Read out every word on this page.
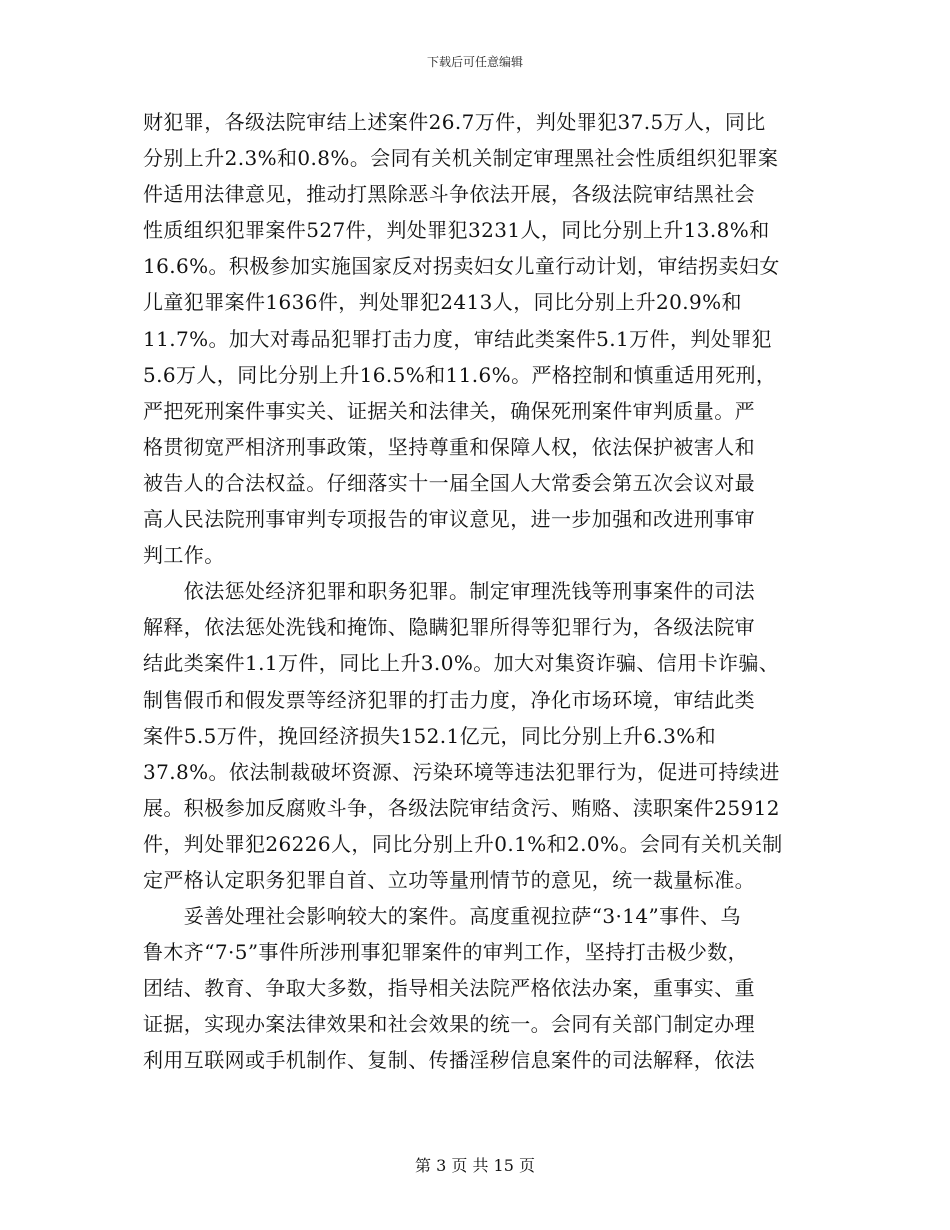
下载后可任意编辑
财犯罪，各级法院审结上述案件26.7万件，判处罪犯37.5万人，同比
分别上升2.3%和0.8%。会同有关机关制定审理黑社会性质组织犯罪案
件适用法律意见，推动打黑除恶斗争依法开展，各级法院审结黑社会
性质组织犯罪案件527件，判处罪犯3231人，同比分别上升13.8%和
16.6%。积极参加实施国家反对拐卖妇女儿童行动计划，审结拐卖妇女
儿童犯罪案件1636件，判处罪犯2413人，同比分别上升20.9%和
11.7%。加大对毒品犯罪打击力度，审结此类案件5.1万件，判处罪犯
5.6万人，同比分别上升16.5%和11.6%。严格控制和慎重适用死刑，
严把死刑案件事实关、证据关和法律关，确保死刑案件审判质量。严
格贯彻宽严相济刑事政策，坚持尊重和保障人权，依法保护被害人和
被告人的合法权益。仔细落实十一届全国人大常委会第五次会议对最
高人民法院刑事审判专项报告的审议意见，进一步加强和改进刑事审
判工作。
　　依法惩处经济犯罪和职务犯罪。制定审理洗钱等刑事案件的司法
解释，依法惩处洗钱和掩饰、隐瞒犯罪所得等犯罪行为，各级法院审
结此类案件1.1万件，同比上升3.0%。加大对集资诈骗、信用卡诈骗、
制售假币和假发票等经济犯罪的打击力度，净化市场环境，审结此类
案件5.5万件，挽回经济损失152.1亿元，同比分别上升6.3%和
37.8%。依法制裁破坏资源、污染环境等违法犯罪行为，促进可持续进
展。积极参加反腐败斗争，各级法院审结贪污、贿赂、渎职案件25912
件，判处罪犯26226人，同比分别上升0.1%和2.0%。会同有关机关制
定严格认定职务犯罪自首、立功等量刑情节的意见，统一裁量标准。
　　妥善处理社会影响较大的案件。高度重视拉萨“3·14”事件、乌
鲁木齐“7·5”事件所涉刑事犯罪案件的审判工作，坚持打击极少数，
团结、教育、争取大多数，指导相关法院严格依法办案，重事实、重
证据，实现办案法律效果和社会效果的统一。会同有关部门制定办理
利用互联网或手机制作、复制、传播淫秽信息案件的司法解释，依法
第 3 页 共 15 页
